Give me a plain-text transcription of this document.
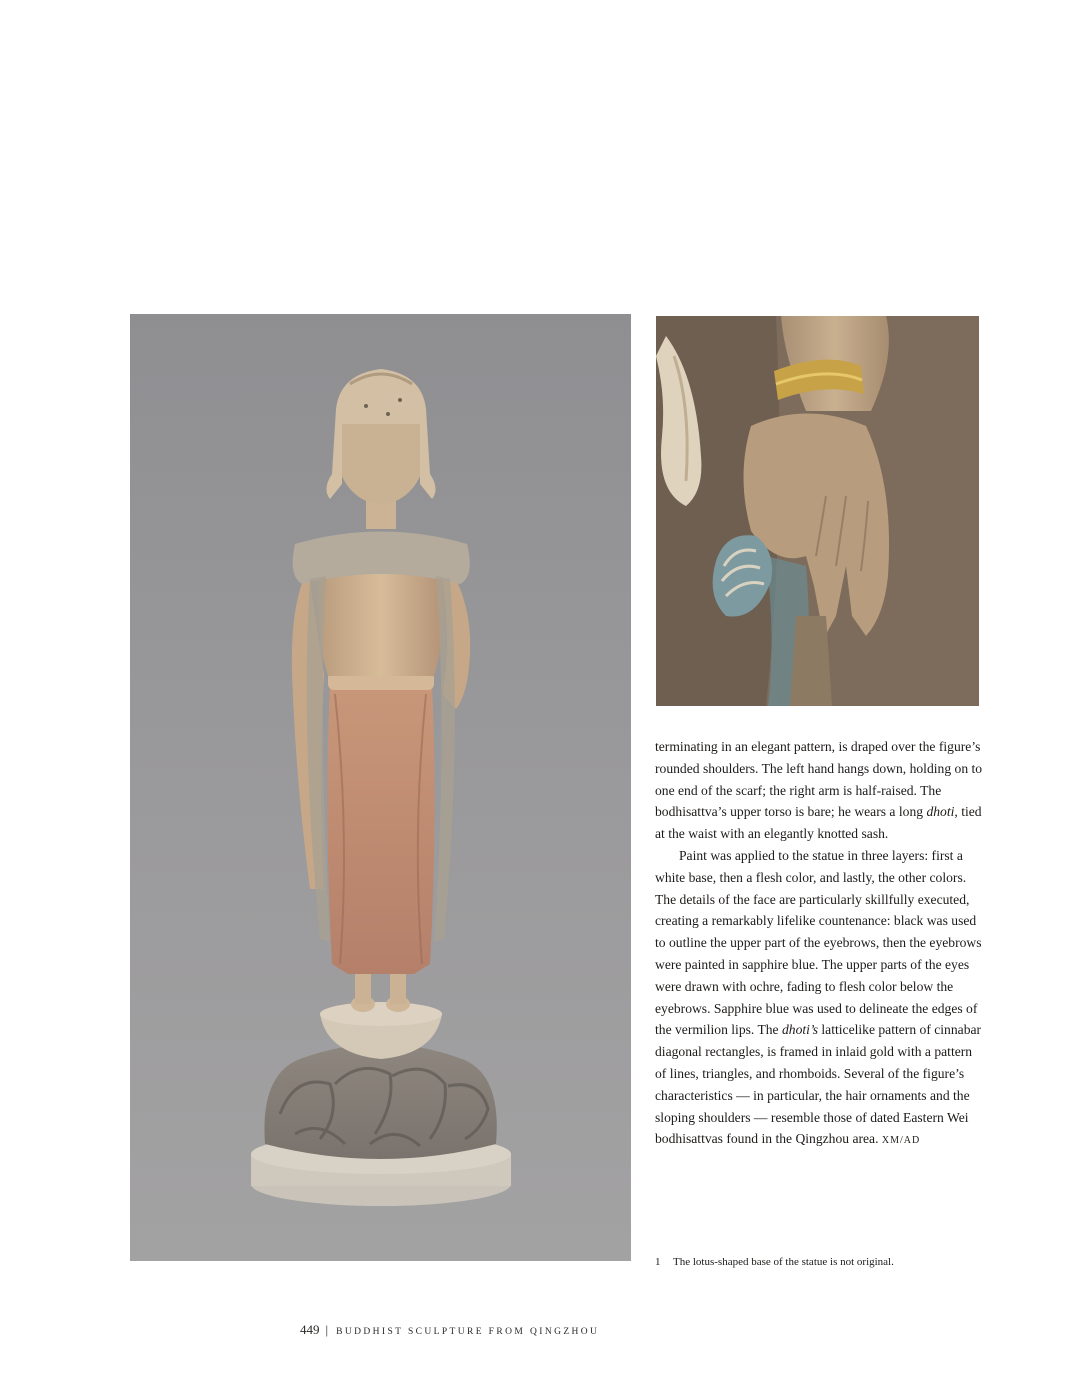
terminating in an elegant pattern, is draped over the figure’s rounded shoulders. The left hand hangs down, holding on to one end of the scarf; the right arm is half-raised. The bodhisattva’s upper torso is bare; he wears a long dhoti, tied at the waist with an elegantly knotted sash.

Paint was applied to the statue in three layers: first a white base, then a flesh color, and lastly, the other colors. The details of the face are particularly skillfully executed, creating a remarkably lifelike countenance: black was used to outline the upper part of the eyebrows, then the eyebrows were painted in sapphire blue. The upper parts of the eyes were drawn with ochre, fading to flesh color below the eyebrows. Sapphire blue was used to delineate the edges of the vermilion lips. The dhoti’s latticelike pattern of cinnabar diagonal rectangles, is framed in inlaid gold with a pattern of lines, triangles, and rhomboids. Several of the figure’s characteristics — in particular, the hair ornaments and the sloping shoulders — resemble those of dated Eastern Wei bodhisattvas found in the Qingzhou area. XM/AD

1 The lotus-shaped base of the statue is not original.
449 | BUDDHIST SCULPTURE FROM QINGZHOU
